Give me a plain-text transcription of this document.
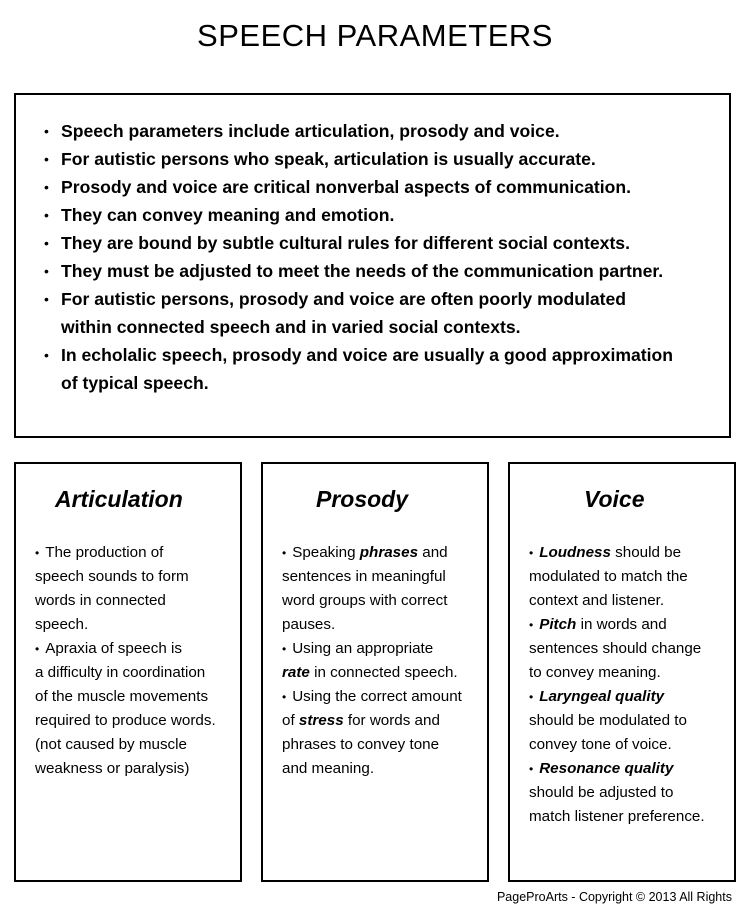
SPEECH PARAMETERS
• Speech parameters include articulation, prosody and voice.
• For autistic persons who speak, articulation is usually accurate.
• Prosody and voice are critical nonverbal aspects of communication.
• They can convey meaning and emotion.
• They are bound by subtle cultural rules for different social contexts.
• They must be adjusted to meet the needs of the communication partner.
• For autistic persons, prosody and voice are often poorly modulated
within connected speech and in varied social contexts.
• In echolalic speech, prosody and voice are usually a good approximation
of typical speech.
Articulation
• The production of
speech sounds to form
words in connected
speech.
• Apraxia of speech is
a difficulty in coordination
of the muscle movements
required to produce words.
(not caused by muscle
weakness or paralysis)
Prosody
• Speaking phrases and
sentences in meaningful
word groups with correct
pauses.
• Using an appropriate
rate in connected speech.
• Using the correct amount
of stress for words and
phrases to convey tone
and meaning.
Voice
• Loudness should be
modulated to match the
context and listener.
• Pitch in words and
sentences should change
to convey meaning.
• Laryngeal quality
should be modulated to
convey tone of voice.
• Resonance quality
should be adjusted to
match listener preference.
PageProArts - Copyright © 2013 All Rights
